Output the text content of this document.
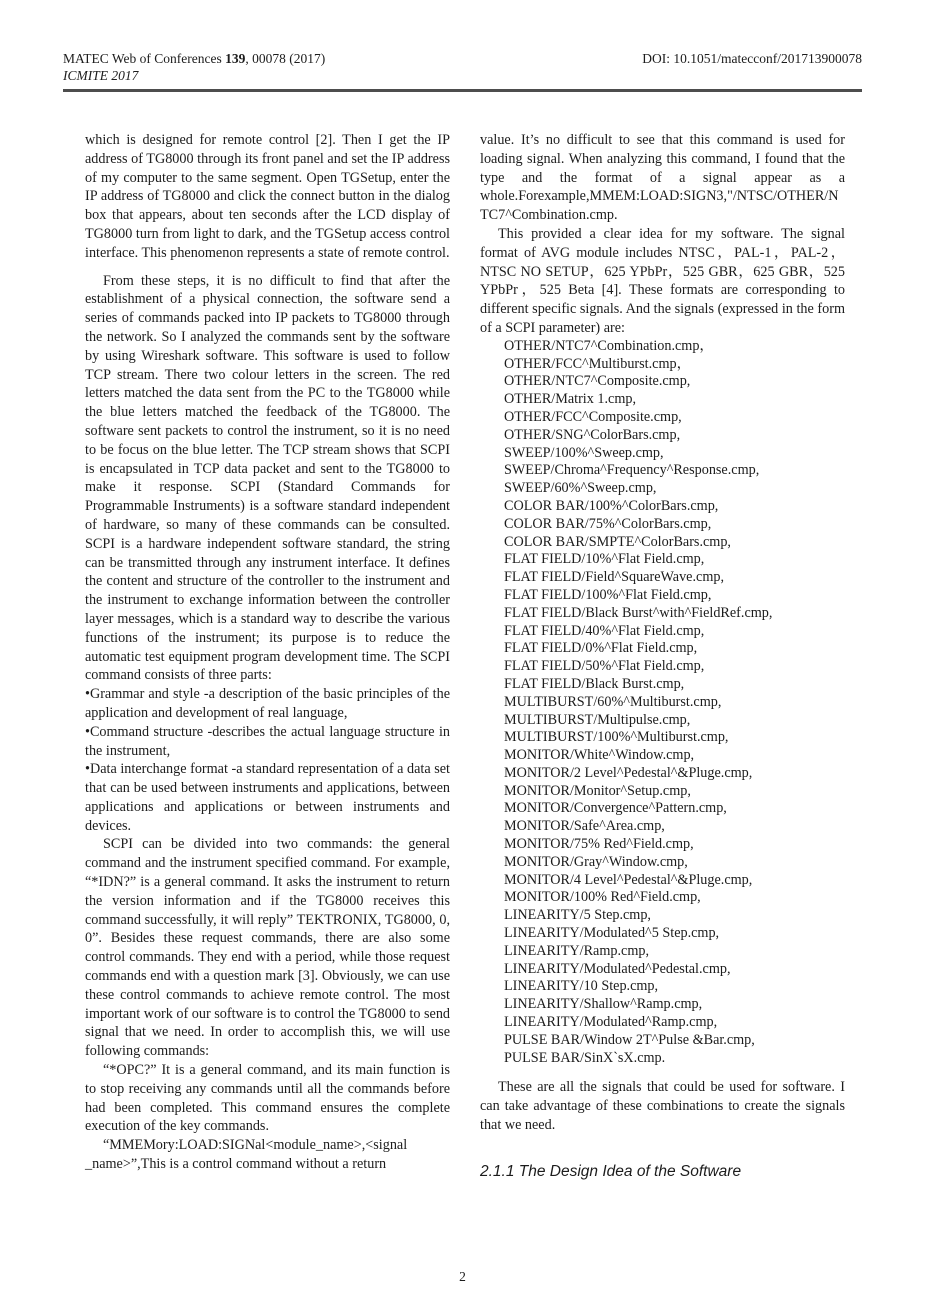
MATEC Web of Conferences 139, 00078 (2017)	DOI: 10.1051/matecconf/201713900078
ICMITE 2017

which is designed for remote control [2]. Then I get the IP address of TG8000 through its front panel and set the IP address of my computer to the same segment. Open TGSetup, enter the IP address of TG8000 and click the connect button in the dialog box that appears, about ten seconds after the LCD display of TG8000 turn from light to dark, and the TGSetup access control interface. This phenomenon represents a state of remote control.

From these steps, it is no difficult to find that after the establishment of a physical connection, the software send a series of commands packed into IP packets to TG8000 through the network. So I analyzed the commands sent by the software by using Wireshark software. This software is used to follow TCP stream. There two colour letters in the screen. The red letters matched the data sent from the PC to the TG8000 while the blue letters matched the feedback of the TG8000. The software sent packets to control the instrument, so it is no need to be focus on the blue letter. The TCP stream shows that SCPI is encapsulated in TCP data packet and sent to the TG8000 to make it response. SCPI (Standard Commands for Programmable Instruments) is a software standard independent of hardware, so many of these commands can be consulted. SCPI is a hardware independent software standard, the string can be transmitted through any instrument interface. It defines the content and structure of the controller to the instrument and the instrument to exchange information between the controller layer messages, which is a standard way to describe the various functions of the instrument; its purpose is to reduce the automatic test equipment program development time. The SCPI command consists of three parts:

•Grammar and style -a description of the basic principles of the application and development of real language,

•Command structure -describes the actual language structure in the instrument,

•Data interchange format -a standard representation of a data set that can be used between instruments and applications, between applications and applications or between instruments and devices.

SCPI can be divided into two commands: the general command and the instrument specified command. For example, “*IDN?” is a general command. It asks the instrument to return the version information and if the TG8000 receives this command successfully, it will reply” TEKTRONIX, TG8000, 0, 0”. Besides these request commands, there are also some control commands. They end with a period, while those request commands end with a question mark [3]. Obviously, we can use these control commands to achieve remote control. The most important work of our software is to control the TG8000 to send signal that we need. In order to accomplish this, we will use following commands:

“*OPC?” It is a general command, and its main function is to stop receiving any commands until all the commands before had been completed. This command ensures the complete execution of the key commands.

“MMEMory:LOAD:SIGNal<module_name>,<signal _name>”,This is a control command without a return

value. It’s no difficult to see that this command is used for loading signal. When analyzing this command, I found that the type and the format of a signal appear as a whole.Forexample,MMEM:LOAD:SIGN3,"/NTSC/OTHER/NTC7^Combination.cmp.

This provided a clear idea for my software. The signal format of AVG module includes NTSC，PAL-1，PAL-2，NTSC NO SETUP，625 YPbPr，525 GBR，625 GBR，525 YPbPr，525 Beta [4]. These formats are corresponding to different specific signals. And the signals (expressed in the form of a SCPI parameter) are:

OTHER/NTC7^Combination.cmp，
OTHER/FCC^Multiburst.cmp，
OTHER/NTC7^Composite.cmp,
OTHER/Matrix 1.cmp,
OTHER/FCC^Composite.cmp,
OTHER/SNG^ColorBars.cmp,
SWEEP/100%^Sweep.cmp,
SWEEP/Chroma^Frequency^Response.cmp,
SWEEP/60%^Sweep.cmp,
COLOR BAR/100%^ColorBars.cmp,
COLOR BAR/75%^ColorBars.cmp,
COLOR BAR/SMPTE^ColorBars.cmp,
FLAT FIELD/10%^Flat Field.cmp,
FLAT FIELD/Field^SquareWave.cmp,
FLAT FIELD/100%^Flat Field.cmp,
FLAT FIELD/Black Burst^with^FieldRef.cmp,
FLAT FIELD/40%^Flat Field.cmp,
FLAT FIELD/0%^Flat Field.cmp,
FLAT FIELD/50%^Flat Field.cmp,
FLAT FIELD/Black Burst.cmp,
MULTIBURST/60%^Multiburst.cmp,
MULTIBURST/Multipulse.cmp,
MULTIBURST/100%^Multiburst.cmp,
MONITOR/White^Window.cmp,
MONITOR/2 Level^Pedestal^&Pluge.cmp,
MONITOR/Monitor^Setup.cmp,
MONITOR/Convergence^Pattern.cmp,
MONITOR/Safe^Area.cmp,
MONITOR/75% Red^Field.cmp,
MONITOR/Gray^Window.cmp,
MONITOR/4 Level^Pedestal^&Pluge.cmp,
MONITOR/100% Red^Field.cmp,
LINEARITY/5 Step.cmp,
LINEARITY/Modulated^5 Step.cmp,
LINEARITY/Ramp.cmp,
LINEARITY/Modulated^Pedestal.cmp,
LINEARITY/10 Step.cmp,
LINEARITY/Shallow^Ramp.cmp,
LINEARITY/Modulated^Ramp.cmp,
PULSE BAR/Window 2T^Pulse &Bar.cmp,
PULSE BAR/SinX`sX.cmp.

These are all the signals that could be used for software. I can take advantage of these combinations to create the signals that we need.

2.1.1 The Design Idea of the Software
2
